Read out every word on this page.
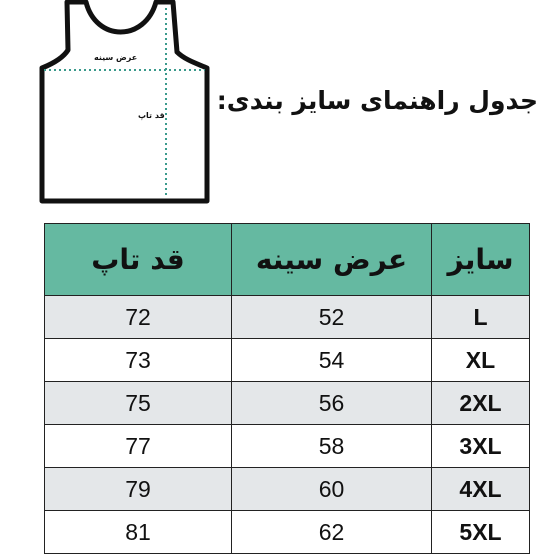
عرض سینه
قد تاپ
جدول راهنمای سایز بندی:
سایز	عرض سینه	قد تاپ
L	52	72
XL	54	73
2XL	56	75
3XL	58	77
4XL	60	79
5XL	62	81
